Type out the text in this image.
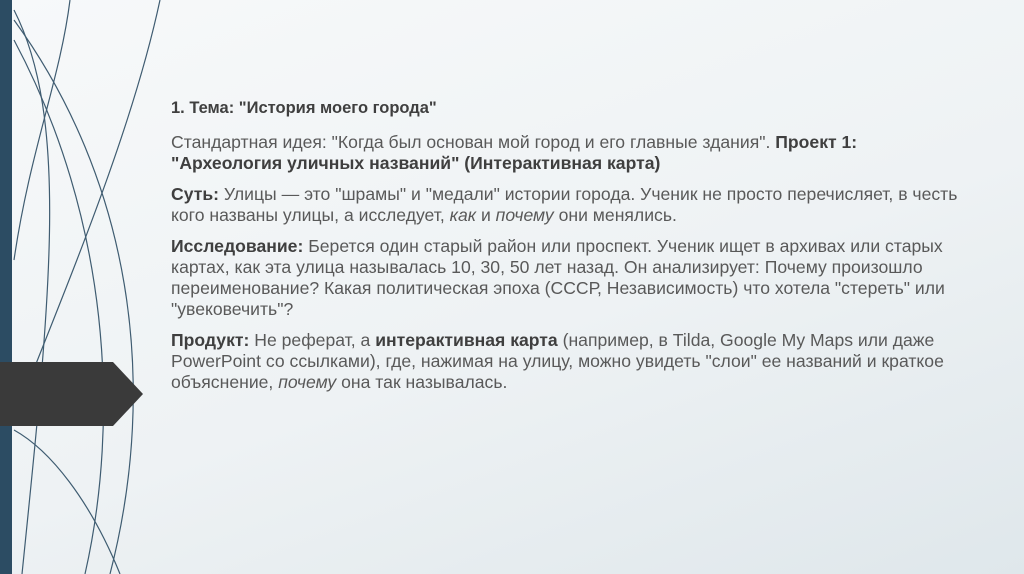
1. Тема: "История моего города"

Стандартная идея: "Когда был основан мой город и его главные здания". Проект 1: "Археология уличных названий" (Интерактивная карта)

Суть: Улицы — это "шрамы" и "медали" истории города. Ученик не просто перечисляет, в честь кого названы улицы, а исследует, как и почему они менялись.

Исследование: Берется один старый район или проспект. Ученик ищет в архивах или старых картах, как эта улица называлась 10, 30, 50 лет назад. Он анализирует: Почему произошло переименование? Какая политическая эпоха (СССР, Независимость) что хотела "стереть" или "увековечить"?

Продукт: Не реферат, а интерактивная карта (например, в Tilda, Google My Maps или даже PowerPoint со ссылками), где, нажимая на улицу, можно увидеть "слои" ее названий и краткое объяснение, почему она так называлась.
